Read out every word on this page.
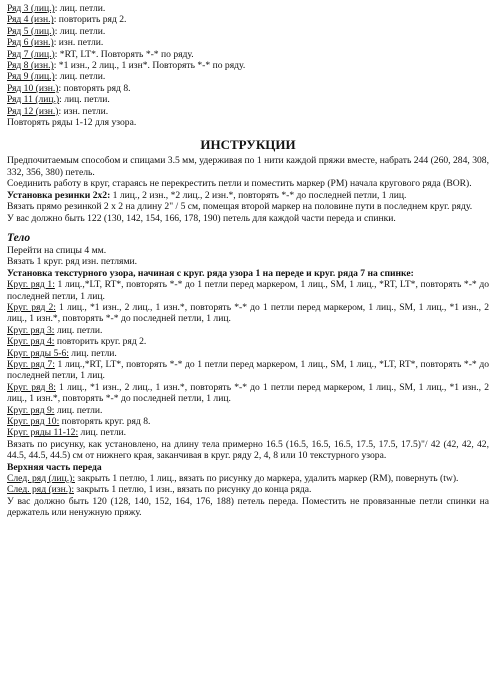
Ряд 3 (лиц.): лиц. петли.
Ряд 4 (изн.): повторить ряд 2.
Ряд 5 (лиц.): лиц. петли.
Ряд 6 (изн.): изн. петли.
Ряд 7 (лиц.): *RT, LT*. Повторять *-* по ряду.
Ряд 8 (изн.): *1 изн., 2 лиц., 1 изн*. Повторять *-* по ряду.
Ряд 9 (лиц.): лиц. петли.
Ряд 10 (изн.): повторять ряд 8.
Ряд 11 (лиц.): лиц. петли.
Ряд 12 (изн.): изн. петли.
Повторять ряды 1-12 для узора.
ИНСТРУКЦИИ
Предпочитаемым способом и спицами 3.5 мм, удерживая по 1 нити каждой пряжи вместе, набрать 244 (260, 284, 308, 332, 356, 380) петель.
Соединить работу в круг, стараясь не перекрестить петли и поместить маркер (PM) начала кругового ряда (BOR).
Установка резинки 2х2: 1 лиц., 2 изн., *2 лиц., 2 изн.*, повторять *-* до последней петли, 1 лиц.
Вязать прямо резинкой 2 х 2 на длину 2" / 5 см, помещая второй маркер на половине пути в последнем круг. ряду.
У вас должно быть 122 (130, 142, 154, 166, 178, 190) петель для каждой части переда и спинки.
Тело
Перейти на спицы 4 мм.
Вязать 1 круг. ряд изн. петлями.
Установка текстурного узора, начиная с круг. ряда узора 1 на переде и круг. ряда 7 на спинке:
Круг. ряд 1: 1 лиц.,*LT, RT*, повторять *-* до 1 петли перед маркером, 1 лиц., SM, 1 лиц., *RT, LT*, повторять *-* до последней петли, 1 лиц.
Круг. ряд 2: 1 лиц., *1 изн., 2 лиц., 1 изн.*, повторять *-* до 1 петли перед маркером, 1 лиц., SM, 1 лиц., *1 изн., 2 лиц., 1 изн.*, повторять *-* до последней петли, 1 лиц.
Круг. ряд 3: лиц. петли.
Круг. ряд 4: повторить круг. ряд 2.
Круг. ряды 5-6: лиц. петли.
Круг. ряд 7: 1 лиц.,*RT, LT*, повторять *-* до 1 петли перед маркером, 1 лиц., SM, 1 лиц., *LT, RT*, повторять *-* до последней петли, 1 лиц.
Круг. ряд 8: 1 лиц., *1 изн., 2 лиц., 1 изн.*, повторять *-* до 1 петли перед маркером, 1 лиц., SM, 1 лиц., *1 изн., 2 лиц., 1 изн.*, повторять *-* до последней петли, 1 лиц.
Круг. ряд 9: лиц. петли.
Круг. ряд 10: повторять круг. ряд 8.
Круг. ряды 11-12: лиц. петли.
Вязать по рисунку, как установлено, на длину тела примерно 16.5 (16.5, 16.5, 16.5, 17.5, 17.5, 17.5)"/ 42 (42, 42, 42, 44.5, 44.5, 44.5) см от нижнего края, заканчивая в круг. ряду 2, 4, 8 или 10 текстурного узора.
Верхняя часть переда
След. ряд (лиц.): закрыть 1 петлю, 1 лиц., вязать по рисунку до маркера, удалить маркер (RM), повернуть (tw).
След. ряд (изн.): закрыть 1 петлю, 1 изн., вязать по рисунку до конца ряда.
У вас должно быть 120 (128, 140, 152, 164, 176, 188) петель переда. Поместить не провязанные петли спинки на держатель или ненужную пряжу.
